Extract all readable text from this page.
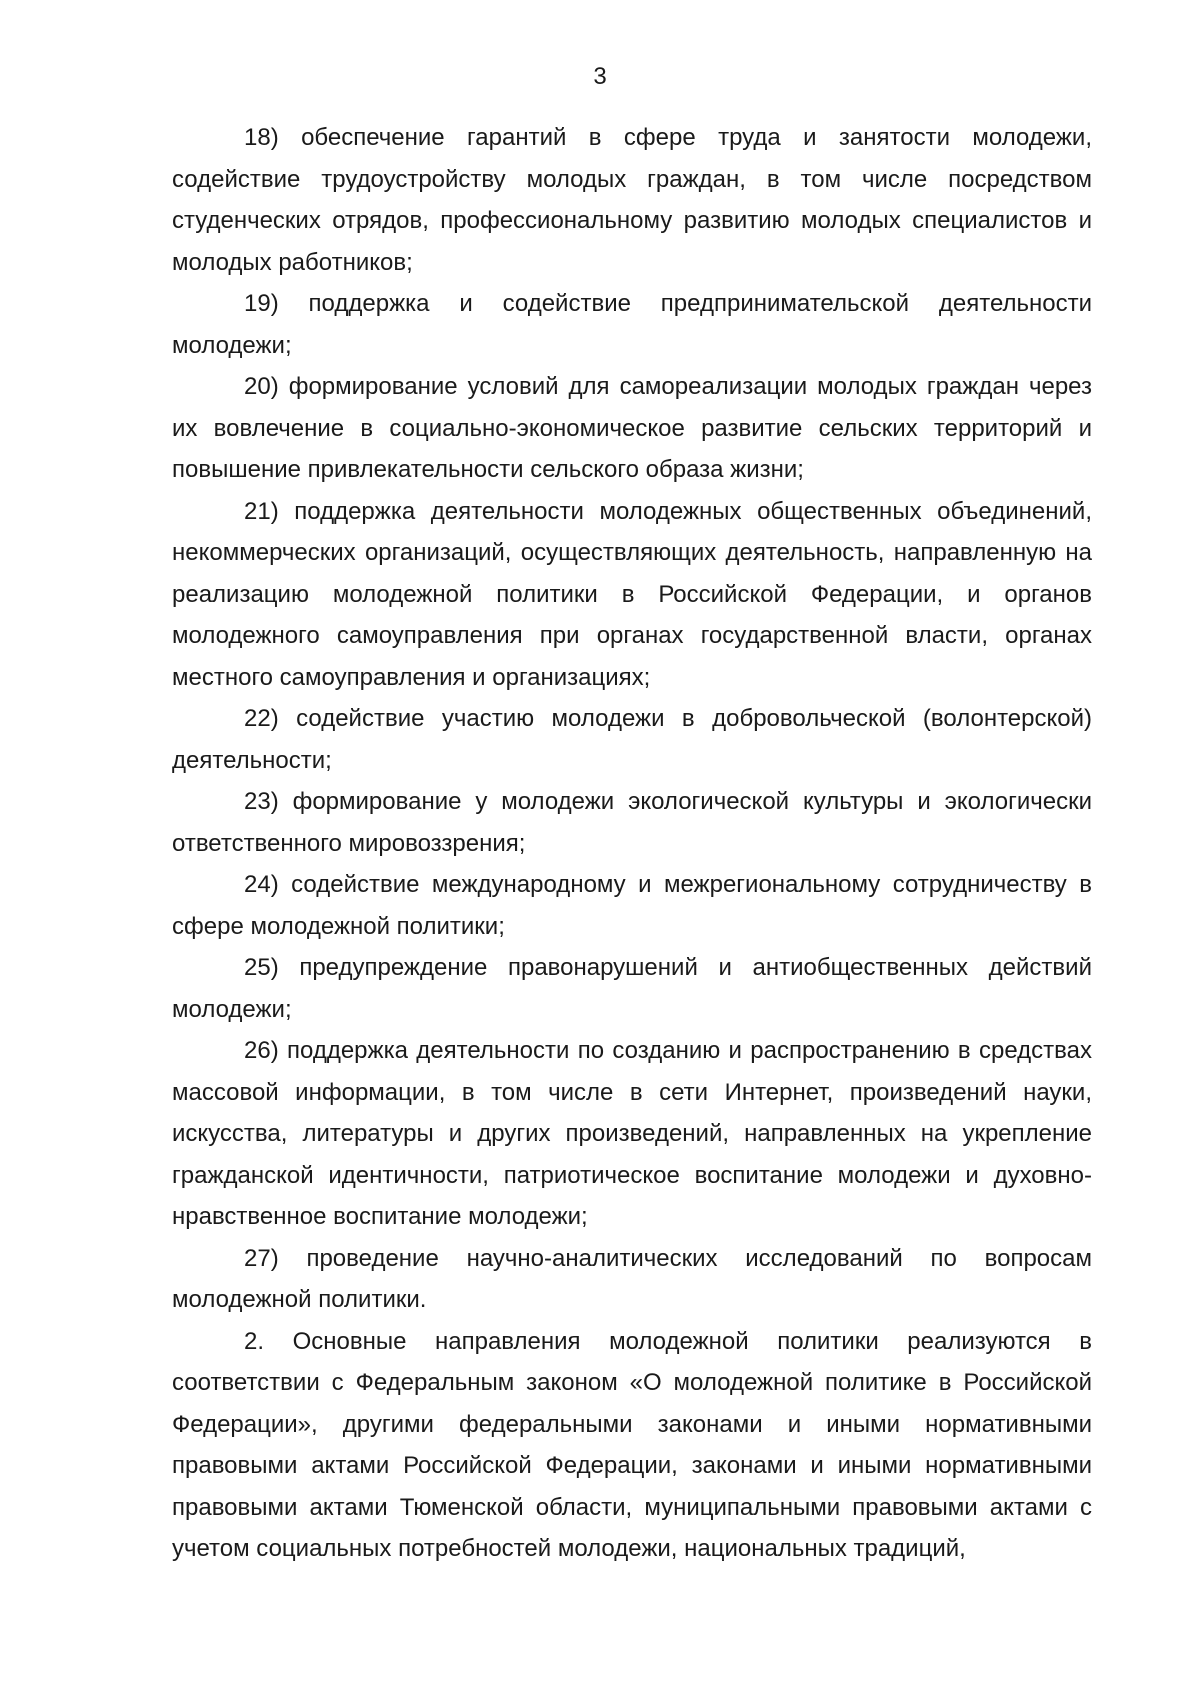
3

18) обеспечение гарантий в сфере труда и занятости молодежи, содействие трудоустройству молодых граждан, в том числе посредством студенческих отрядов, профессиональному развитию молодых специалистов и молодых работников;

19) поддержка и содействие предпринимательской деятельности молодежи;

20) формирование условий для самореализации молодых граждан через их вовлечение в социально-экономическое развитие сельских территорий и повышение привлекательности сельского образа жизни;

21) поддержка деятельности молодежных общественных объединений, некоммерческих организаций, осуществляющих деятельность, направленную на реализацию молодежной политики в Российской Федерации, и органов молодежного самоуправления при органах государственной власти, органах местного самоуправления и организациях;

22) содействие участию молодежи в добровольческой (волонтерской) деятельности;

23) формирование у молодежи экологической культуры и экологически ответственного мировоззрения;

24) содействие международному и межрегиональному сотрудничеству в сфере молодежной политики;

25) предупреждение правонарушений и антиобщественных действий молодежи;

26) поддержка деятельности по созданию и распространению в средствах массовой информации, в том числе в сети Интернет, произведений науки, искусства, литературы и других произведений, направленных на укрепление гражданской идентичности, патриотическое воспитание молодежи и духовно-нравственное воспитание молодежи;

27) проведение научно-аналитических исследований по вопросам молодежной политики.

2. Основные направления молодежной политики реализуются в соответствии с Федеральным законом «О молодежной политике в Российской Федерации», другими федеральными законами и иными нормативными правовыми актами Российской Федерации, законами и иными нормативными правовыми актами Тюменской области, муниципальными правовыми актами с учетом социальных потребностей молодежи, национальных традиций,
